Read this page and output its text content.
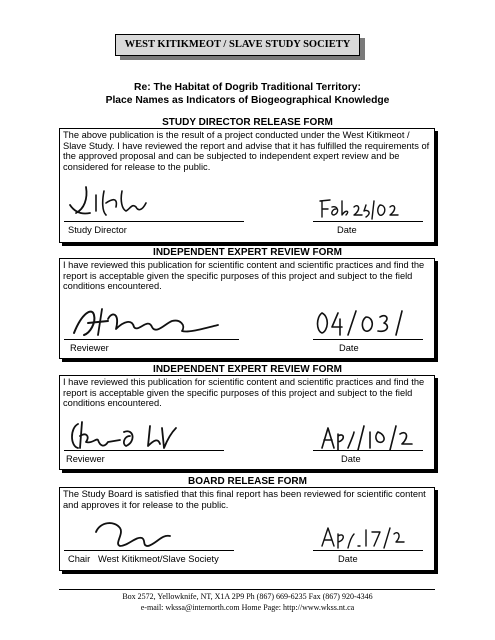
WEST KITIKMEOT / SLAVE STUDY SOCIETY
Re: The Habitat of Dogrib Traditional Territory:
Place Names as Indicators of Biogeographical Knowledge
STUDY DIRECTOR RELEASE FORM
The above publication is the result of a project conducted under the West Kitikmeot / Slave Study. I have reviewed the report and advise that it has fulfilled the requirements of the approved proposal and can be subjected to independent expert review and be considered for release to the public.
Study Director	Date
INDEPENDENT EXPERT REVIEW FORM
I have reviewed this publication for scientific content and scientific practices and find the report is acceptable given the specific purposes of this project and subject to the field conditions encountered.
Reviewer	Date
INDEPENDENT EXPERT REVIEW FORM
I have reviewed this publication for scientific content and scientific practices and find the report is acceptable given the specific purposes of this project and subject to the field conditions encountered.
Reviewer	Date
BOARD RELEASE FORM
The Study Board is satisfied that this final report has been reviewed for scientific content and approves it for release to the public.
Chair West Kitikmeot/Slave Society	Date
Box 2572, Yellowknife, NT, X1A 2P9 Ph (867) 669-6235 Fax (867) 920-4346
e-mail: wkssa@internorth.com Home Page: http://www.wkss.nt.ca
